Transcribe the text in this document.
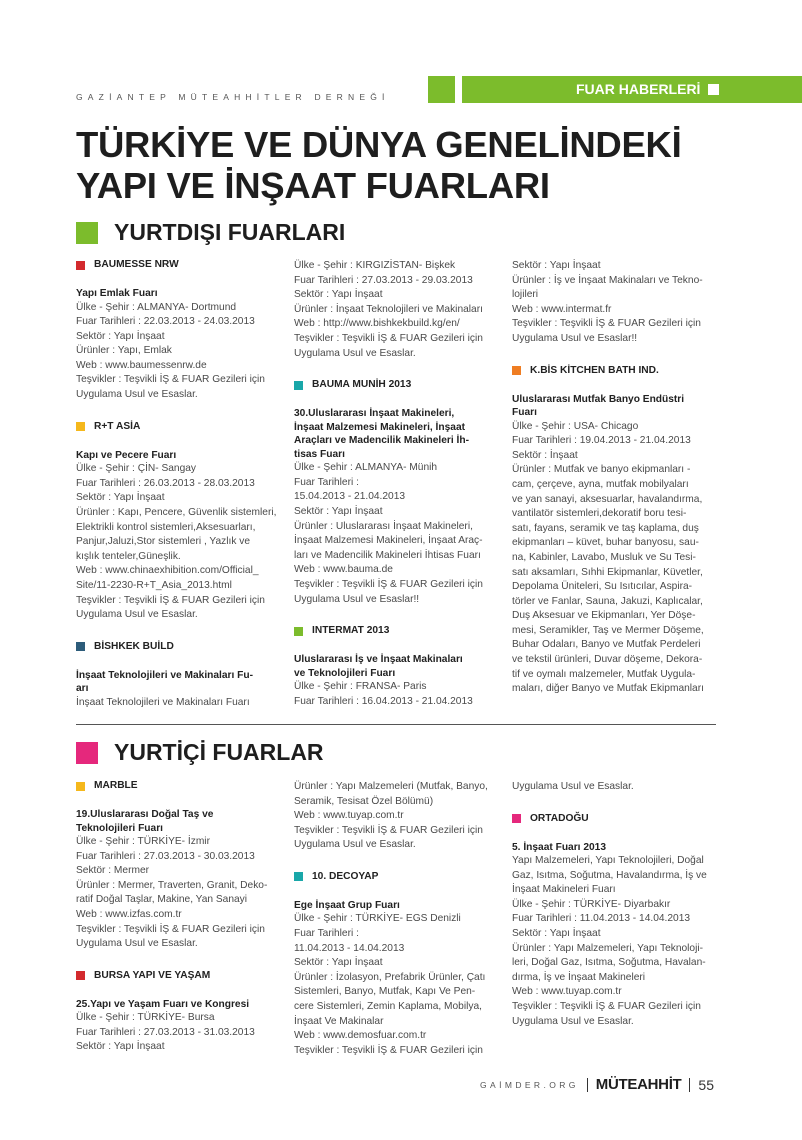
GAZİANTEP MÜTEAHHİTLER DERNEĞİ	FUAR HABERLERİ
TÜRKİYE VE DÜNYA GENELİNDEKİ
YAPI VE İNŞAAT FUARLARI
YURTDIŞI FUARLARI
BAUMESSE NRW
Yapı Emlak Fuarı
Ülke - Şehir : ALMANYA- Dortmund
Fuar Tarihleri : 22.03.2013 - 24.03.2013
Sektör : Yapı İnşaat
Ürünler : Yapı, Emlak
Web : www.baumessenrw.de
Teşvikler : Teşvikli İŞ & FUAR Gezileri için
Uygulama Usul ve Esaslar.
R+T ASİA
Kapı ve Pecere Fuarı
Ülke - Şehir : ÇİN- Sangay
Fuar Tarihleri : 26.03.2013 - 28.03.2013
Sektör : Yapı İnşaat
Ürünler : Kapı, Pencere, Güvenlik sistemleri,
Elektrikli kontrol sistemleri,Aksesuarları,
Panjur,Jaluzi,Stor sistemleri , Yazlık ve
kışlık tenteler,Güneşlik.
Web : www.chinaexhibition.com/Official_
Site/11-2230-R+T_Asia_2013.html
Teşvikler : Teşvikli İŞ & FUAR Gezileri için
Uygulama Usul ve Esaslar.
BİSHKEK BUİLD
İnşaat Teknolojileri ve Makinaları Fu-
arı
İnşaat Teknolojileri ve Makinaları Fuarı
Ülke - Şehir : KIRGIZİSTAN- Bişkek
Fuar Tarihleri : 27.03.2013 - 29.03.2013
Sektör : Yapı İnşaat
Ürünler : İnşaat Teknolojileri ve Makinaları
Web : http://www.bishkekbuild.kg/en/
Teşvikler : Teşvikli İŞ & FUAR Gezileri için
Uygulama Usul ve Esaslar.
BAUMA MUNİH 2013
30.Uluslararası İnşaat Makineleri,
İnşaat Malzemesi Makineleri, İnşaat
Araçları ve Madencilik Makineleri İh-
tisas Fuarı
Ülke - Şehir : ALMANYA- Münih
Fuar Tarihleri :
15.04.2013 - 21.04.2013
Sektör : Yapı İnşaat
Ürünler : Uluslararası İnşaat Makineleri,
İnşaat Malzemesi Makineleri, İnşaat Araç-
ları ve Madencilik Makineleri İhtisas Fuarı
Web : www.bauma.de
Teşvikler : Teşvikli İŞ & FUAR Gezileri için
Uygulama Usul ve Esaslar!!
INTERMAT 2013
Uluslararası İş ve İnşaat Makinaları
ve Teknolojileri Fuarı
Ülke - Şehir : FRANSA- Paris
Fuar Tarihleri : 16.04.2013 - 21.04.2013
Sektör : Yapı İnşaat
Ürünler : İş ve İnşaat Makinaları ve Tekno-
lojileri
Web : www.intermat.fr
Teşvikler : Teşvikli İŞ & FUAR Gezileri için
Uygulama Usul ve Esaslar!!
K.BİS KİTCHEN BATH IND.
Uluslararası Mutfak Banyo Endüstri
Fuarı
Ülke - Şehir : USA- Chicago
Fuar Tarihleri : 19.04.2013 - 21.04.2013
Sektör : İnşaat
Ürünler : Mutfak ve banyo ekipmanları -
cam, çerçeve, ayna, mutfak mobilyaları
ve yan sanayi, aksesuarlar, havalandırma,
vantilatör sistemleri,dekoratif boru tesi-
satı, fayans, seramik ve taş kaplama, duş
ekipmanları – küvet, buhar banyosu, sau-
na, Kabinler, Lavabo, Musluk ve Su Tesi-
satı aksamları, Sıhhi Ekipmanlar, Küvetler,
Depolama Üniteleri, Su Isıtıcılar, Aspira-
törler ve Fanlar, Sauna, Jakuzi, Kaplıcalar,
Duş Aksesuar ve Ekipmanları, Yer Döşe-
mesi, Seramikler, Taş ve Mermer Döşeme,
Buhar Odaları, Banyo ve Mutfak Perdeleri
ve tekstil ürünleri, Duvar döşeme, Dekora-
tif ve oymalı malzemeler, Mutfak Uygula-
maları, diğer Banyo ve Mutfak Ekipmanları
YURTİÇİ FUARLAR
MARBLE
19.Uluslararası Doğal Taş ve
Teknolojileri Fuarı
Ülke - Şehir : TÜRKİYE- İzmir
Fuar Tarihleri : 27.03.2013 - 30.03.2013
Sektör : Mermer
Ürünler : Mermer, Traverten, Granit, Deko-
ratif Doğal Taşlar, Makine, Yan Sanayi
Web : www.izfas.com.tr
Teşvikler : Teşvikli İŞ & FUAR Gezileri için
Uygulama Usul ve Esaslar.
BURSA YAPI VE YAŞAM
25.Yapı ve Yaşam Fuarı ve Kongresi
Ülke - Şehir : TÜRKİYE- Bursa
Fuar Tarihleri : 27.03.2013 - 31.03.2013
Sektör : Yapı İnşaat
Ürünler : Yapı Malzemeleri (Mutfak, Banyo,
Seramik, Tesisat Özel Bölümü)
Web : www.tuyap.com.tr
Teşvikler : Teşvikli İŞ & FUAR Gezileri için
Uygulama Usul ve Esaslar.
10. DECOYAP
Ege İnşaat Grup Fuarı
Ülke - Şehir : TÜRKİYE- EGS Denizli
Fuar Tarihleri :
11.04.2013 - 14.04.2013
Sektör : Yapı İnşaat
Ürünler : İzolasyon, Prefabrik Ürünler, Çatı
Sistemleri, Banyo, Mutfak, Kapı Ve Pen-
cere Sistemleri, Zemin Kaplama, Mobilya,
İnşaat Ve Makinalar
Web : www.demosfuar.com.tr
Teşvikler : Teşvikli İŞ & FUAR Gezileri için
Uygulama Usul ve Esaslar.
ORTADOĞU
5. İnşaat Fuarı 2013
Yapı Malzemeleri, Yapı Teknolojileri, Doğal
Gaz, Isıtma, Soğutma, Havalandırma, İş ve
İnşaat Makineleri Fuarı
Ülke - Şehir : TÜRKİYE- Diyarbakır
Fuar Tarihleri : 11.04.2013 - 14.04.2013
Sektör : Yapı İnşaat
Ürünler : Yapı Malzemeleri, Yapı Teknoloji-
leri, Doğal Gaz, Isıtma, Soğutma, Havalan-
dırma, İş ve İnşaat Makineleri
Web : www.tuyap.com.tr
Teşvikler : Teşvikli İŞ & FUAR Gezileri için
Uygulama Usul ve Esaslar.
GAİMDER.ORG MÜTEAHHİT 55
